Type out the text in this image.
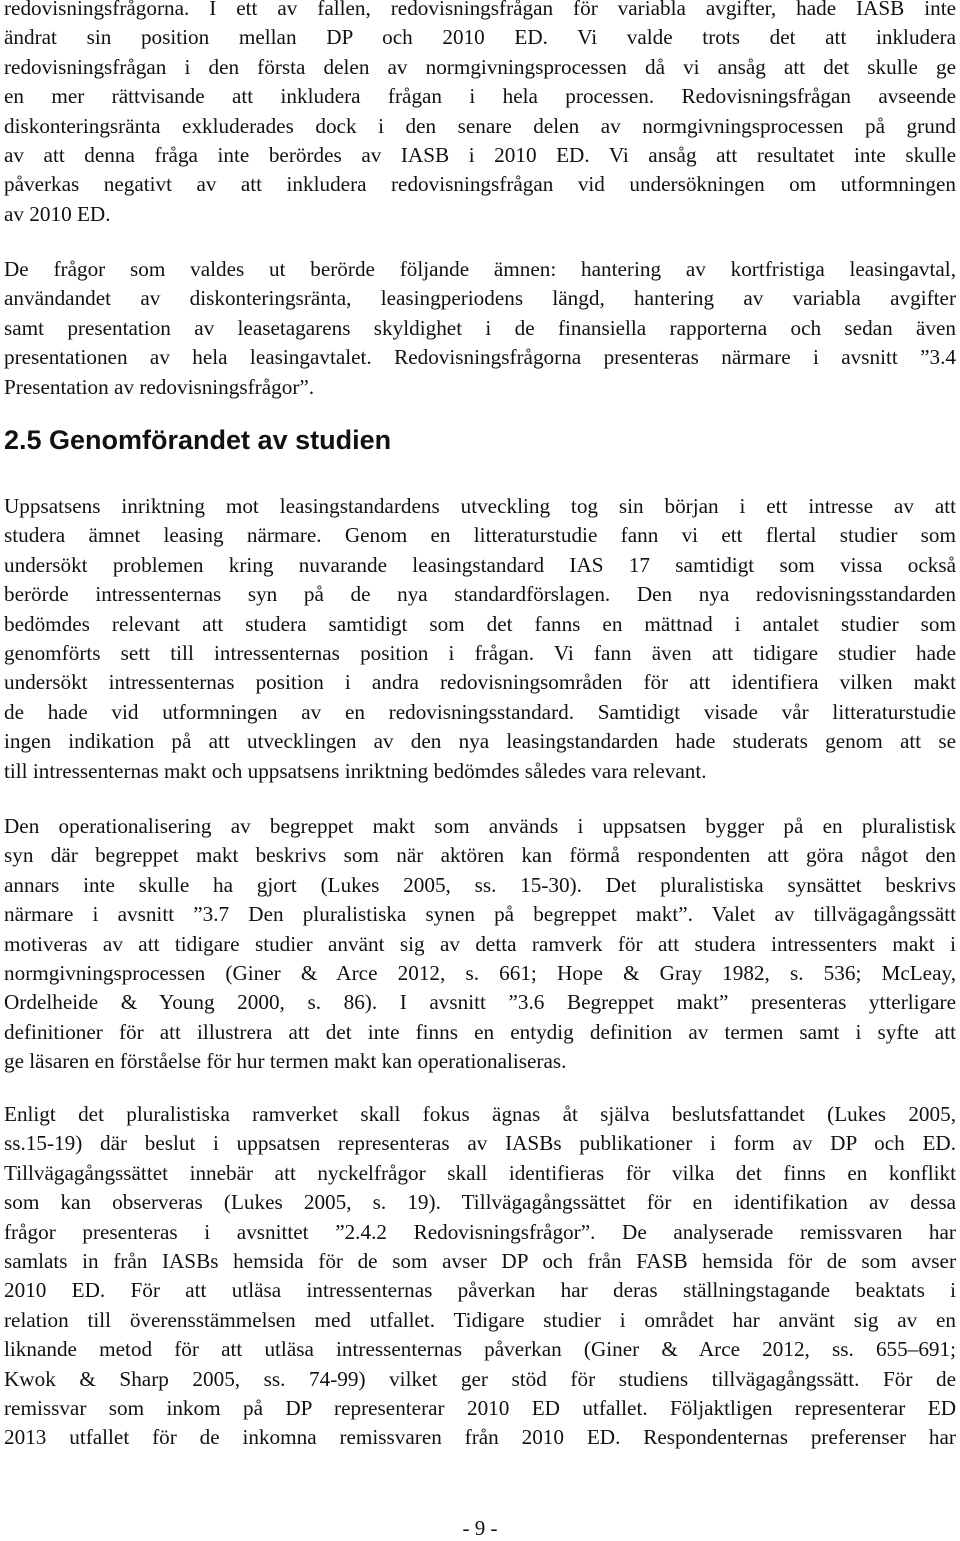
redovisningsfrågorna. I ett av fallen, redovisningsfrågan för variabla avgifter, hade IASB inte
ändrat sin position mellan DP och 2010 ED. Vi valde trots det att inkludera
redovisningsfrågan i den första delen av normgivningsprocessen då vi ansåg att det skulle ge
en mer rättvisande att inkludera frågan i hela processen. Redovisningsfrågan avseende
diskonteringsränta exkluderades dock i den senare delen av normgivningsprocessen på grund
av att denna fråga inte berördes av IASB i 2010 ED. Vi ansåg att resultatet inte skulle
påverkas negativt av att inkludera redovisningsfrågan vid undersökningen om utformningen
av 2010 ED.
De frågor som valdes ut berörde följande ämnen: hantering av kortfristiga leasingavtal,
användandet av diskonteringsränta, leasingperiodens längd, hantering av variabla avgifter
samt presentation av leasetagarens skyldighet i de finansiella rapporterna och sedan även
presentationen av hela leasingavtalet. Redovisningsfrågorna presenteras närmare i avsnitt ”3.4
Presentation av redovisningsfrågor”.
2.5 Genomförandet av studien
Uppsatsens inriktning mot leasingstandardens utveckling tog sin början i ett intresse av att
studera ämnet leasing närmare. Genom en litteraturstudie fann vi ett flertal studier som
undersökt problemen kring nuvarande leasingstandard IAS 17 samtidigt som vissa också
berörde intressenternas syn på de nya standardförslagen. Den nya redovisningsstandarden
bedömdes relevant att studera samtidigt som det fanns en mättnad i antalet studier som
genomförts sett till intressenternas position i frågan. Vi fann även att tidigare studier hade
undersökt intressenternas position i andra redovisningsområden för att identifiera vilken makt
de hade vid utformningen av en redovisningsstandard. Samtidigt visade vår litteraturstudie
ingen indikation på att utvecklingen av den nya leasingstandarden hade studerats genom att se
till intressenternas makt och uppsatsens inriktning bedömdes således vara relevant.
Den operationalisering av begreppet makt som används i uppsatsen bygger på en pluralistisk
syn där begreppet makt beskrivs som när aktören kan förmå respondenten att göra något den
annars inte skulle ha gjort (Lukes 2005, ss. 15-30). Det pluralistiska synsättet beskrivs
närmare i avsnitt ”3.7 Den pluralistiska synen på begreppet makt”. Valet av tillvägagångssätt
motiveras av att tidigare studier använt sig av detta ramverk för att studera intressenters makt i
normgivningsprocessen (Giner & Arce 2012, s. 661; Hope & Gray 1982, s. 536; McLeay,
Ordelheide & Young 2000, s. 86). I avsnitt ”3.6 Begreppet makt” presenteras ytterligare
definitioner för att illustrera att det inte finns en entydig definition av termen samt i syfte att
ge läsaren en förståelse för hur termen makt kan operationaliseras.
Enligt det pluralistiska ramverket skall fokus ägnas åt själva beslutsfattandet (Lukes 2005,
ss.15-19) där beslut i uppsatsen representeras av IASBs publikationer i form av DP och ED.
Tillvägagångssättet innebär att nyckelfrågor skall identifieras för vilka det finns en konflikt
som kan observeras (Lukes 2005, s. 19). Tillvägagångssättet för en identifikation av dessa
frågor presenteras i avsnittet ”2.4.2 Redovisningsfrågor”. De analyserade remissvaren har
samlats in från IASBs hemsida för de som avser DP och från FASB hemsida för de som avser
2010 ED. För att utläsa intressenternas påverkan har deras ställningstagande beaktats i
relation till överensstämmelsen med utfallet. Tidigare studier i området har använt sig av en
liknande metod för att utläsa intressenternas påverkan (Giner & Arce 2012, ss. 655–691;
Kwok & Sharp 2005, ss. 74-99) vilket ger stöd för studiens tillvägagångssätt. För de
remissvar som inkom på DP representerar 2010 ED utfallet. Följaktligen representerar ED
2013 utfallet för de inkomna remissvaren från 2010 ED. Respondenternas preferenser har
- 9 -
